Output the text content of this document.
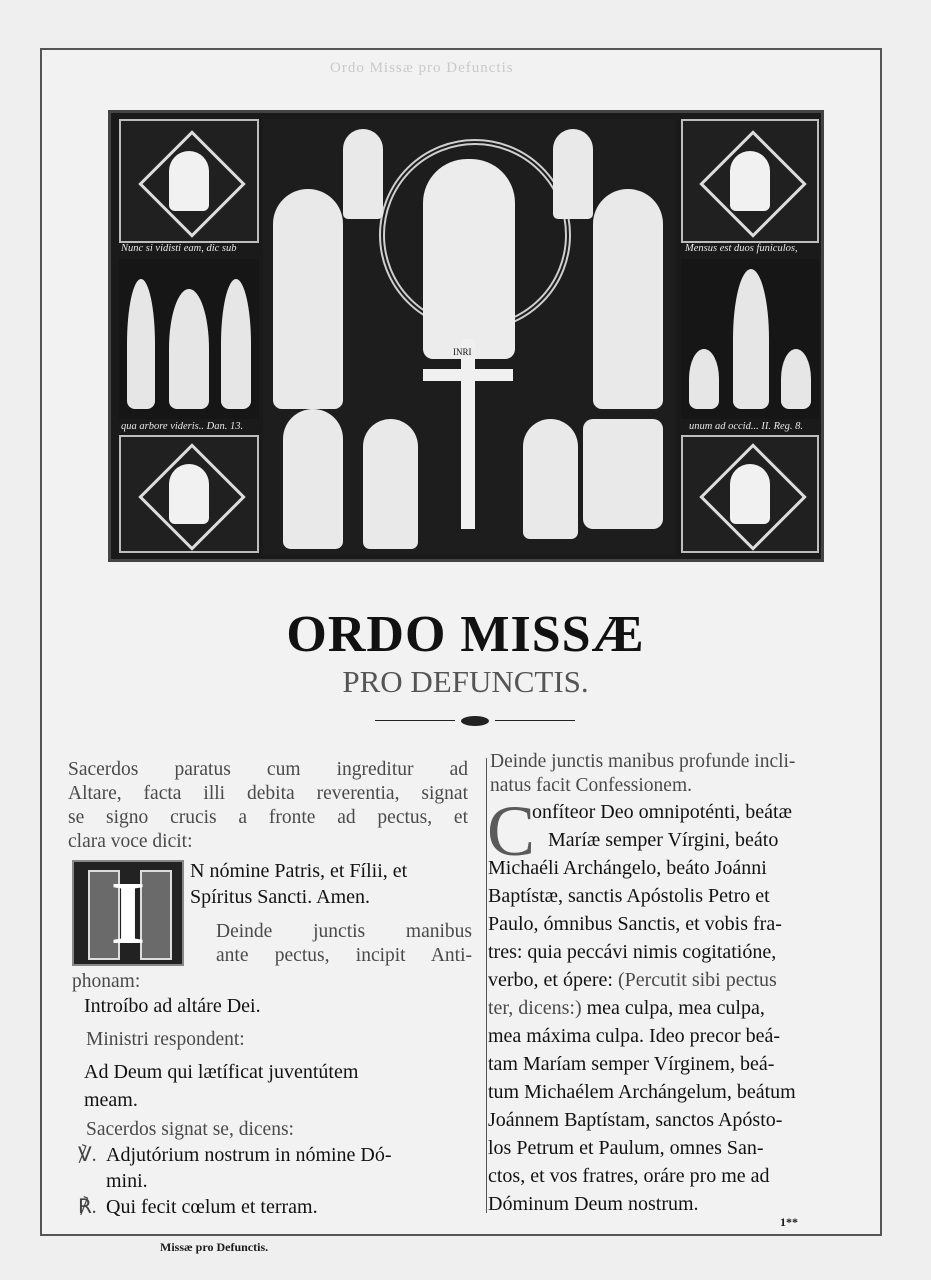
Ordo Missæ pro Defunctis
Nunc si vidisti eam, dic sub
qua arbore videris.. Dan. 13.
INRI
Mensus est duos funiculos,
unum ad occid... II. Reg. 8.
ORDO MISSÆ
PRO DEFUNCTIS.

Sacerdos paratus cum ingreditur ad

Altare, facta illi debita reverentia, signat

se signo crucis a fronte ad pectus, et

clara voce dicit:

I	N nómine Patris, et Fílii, et

Spíritus Sancti. Amen.

Deinde junctis manibus

ante pectus, incipit Anti-

phonam:
Introíbo ad altáre Dei.
Ministri respondent:

Ad Deum qui lætíficat juventútem

meam.

Sacerdos signat se, dicens:

℣. Adjutórium nostrum in nómine Dó-

mini.

℟. Qui fecit cœlum et terram.

Deinde junctis manibus profunde incli-

natus facit Confessionem.

C

onfíteor Deo omnipoténti, beátæ

Maríæ semper Vírgini, beáto

Michaéli Archángelo, beáto Joánni

Baptístæ, sanctis Apóstolis Petro et

Paulo, ómnibus Sanctis, et vobis fra-

tres: quia peccávi nimis cogitatióne,

verbo, et ópere: (Percutit sibi pectus

ter, dicens:) mea culpa, mea culpa,

mea máxima culpa. Ideo precor beá-

tam Maríam semper Vírginem, beá-

tum Michaélem Archángelum, beátum

Joánnem Baptístam, sanctos Apósto-

los Petrum et Paulum, omnes San-

ctos, et vos fratres, oráre pro me ad

Dóminum Deum nostrum.

1**
Missæ pro Defunctis.
